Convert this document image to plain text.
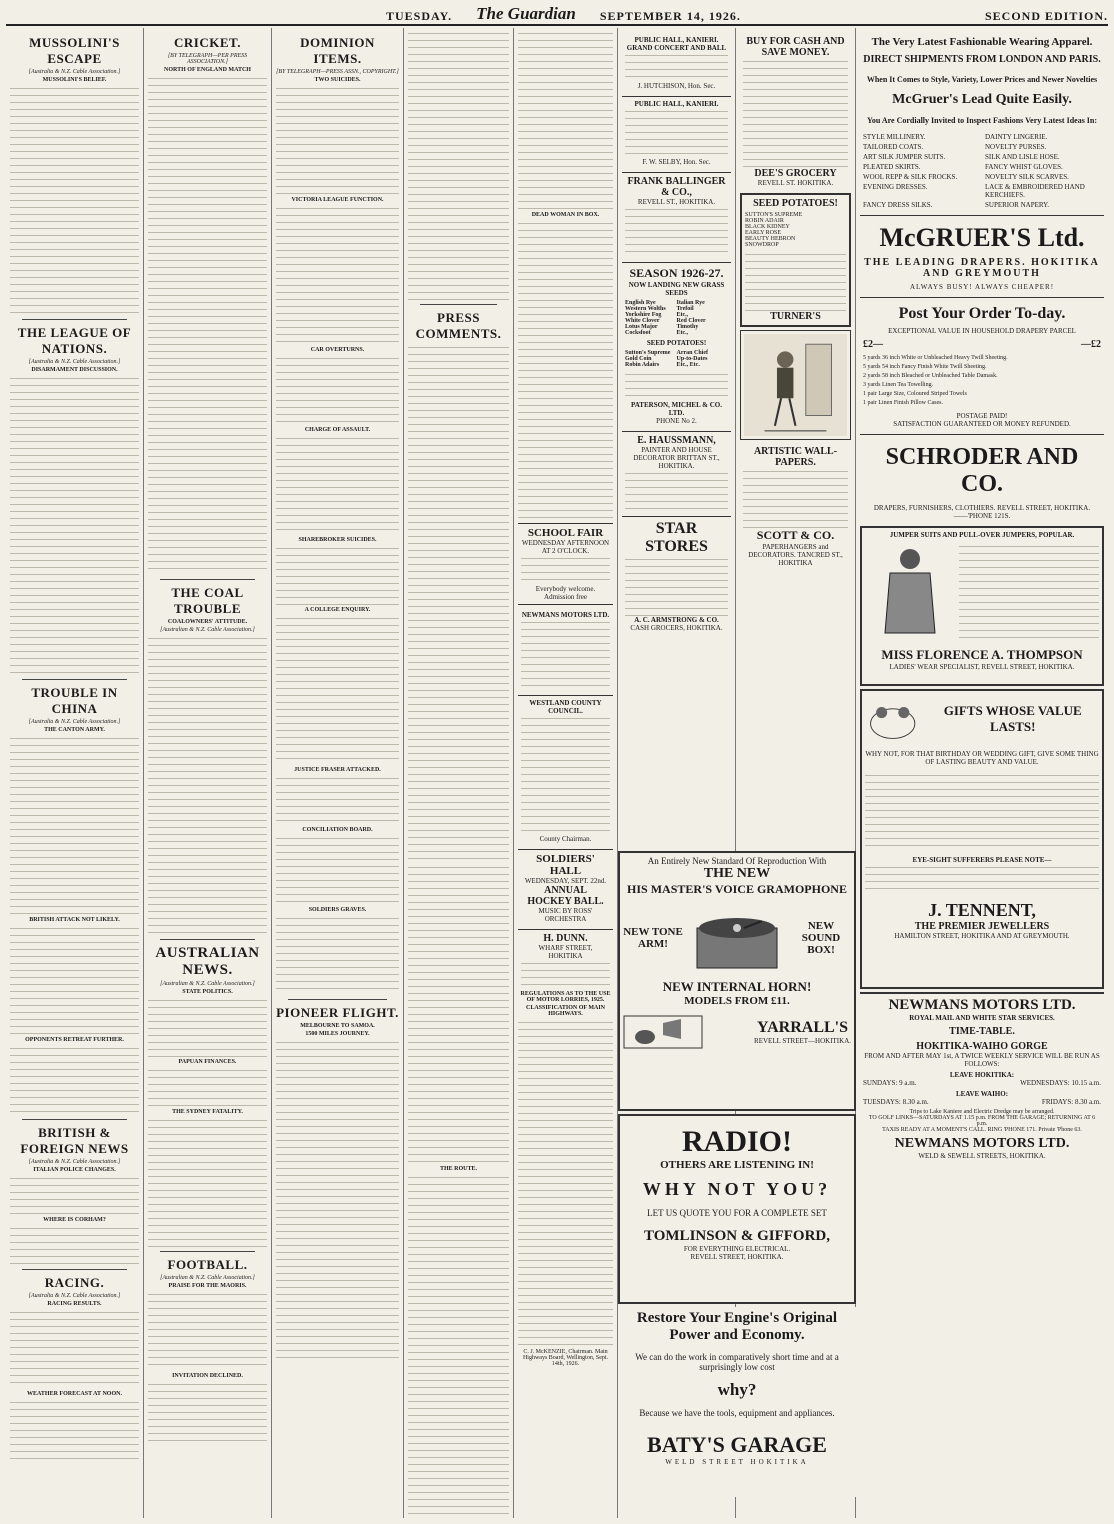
TUESDAY. The Guardian SEPTEMBER 14, 1926.	SECOND EDITION.
MUSSOLINI'S ESCAPE
[Australia & N.Z. Cable Association.]
MUSSOLINI'S BELIEF.
THE LEAGUE OF NATIONS.
[Australia & N.Z. Cable Association.]
DISARMAMENT DISCUSSION.
TROUBLE IN CHINA
[Australia & N.Z. Cable Association.]
THE CANTON ARMY.
BRITISH ATTACK NOT LIKELY.
OPPONENTS RETREAT FURTHER.
BRITISH & FOREIGN NEWS
[Australia & N.Z. Cable Association.]
ITALIAN POLICE CHANGES.
WHERE IS CORHAM?
RACING.
[Australia & N.Z. Cable Association.]
RACING RESULTS.
WEATHER FORECAST AT NOON.
CRICKET.
[BY TELEGRAPH—PER PRESS ASSOCIATION.]
NORTH OF ENGLAND MATCH
THE COAL TROUBLE
COALOWNERS' ATTITUDE.
[Australian & N.Z. Cable Association.]
AUSTRALIAN NEWS.
[Australian & N.Z. Cable Association.]
STATE POLITICS.
PAPUAN FINANCES.
THE SYDNEY FATALITY.
FOOTBALL.
[Australian & N.Z. Cable Association.]
PRAISE FOR THE MAORIS.
INVITATION DECLINED.
DOMINION ITEMS.
[BY TELEGRAPH—PRESS ASSN., COPYRIGHT.]
TWO SUICIDES.
VICTORIA LEAGUE FUNCTION.
CAR OVERTURNS.
CHARGE OF ASSAULT.
SHAREBROKER SUICIDES.
A COLLEGE ENQUIRY.
JUSTICE FRASER ATTACKED.
CONCILIATION BOARD.
SOLDIERS GRAVES.
PIONEER FLIGHT.
MELBOURNE TO SAMOA.
1500 MILES JOURNEY.
PRESS COMMENTS.
THE ROUTE.
DEAD WOMAN IN BOX.
SCHOOL FAIR
WEDNESDAY AFTERNOON AT 2 O'CLOCK.
Everybody welcome. Admission free
NEWMANS MOTORS LTD.
WESTLAND COUNTY COUNCIL.
County Chairman.
SOLDIERS' HALL
WEDNESDAY, SEPT. 22nd.
ANNUAL HOCKEY BALL.
MUSIC BY ROSS' ORCHESTRA
H. DUNN.
WHARF STREET, HOKITIKA
REGULATIONS AS TO THE USE OF MOTOR LORRIES, 1925.
CLASSIFICATION OF MAIN HIGHWAYS.
C. J. McKENZIE, Chairman. Main Highways Board, Wellington, Sept. 14th, 1926.
PUBLIC HALL, KANIERI.
GRAND CONCERT AND BALL
J. HUTCHISON, Hon. Sec.
PUBLIC HALL, KANIERI.
F. W. SELBY, Hon. Sec.
FRANK BALLINGER & CO.,
REVELL ST., HOKITIKA.
SEASON 1926-27.
NOW LANDING NEW GRASS SEEDS
English Rye	Italian Rye
Western Wolths	Trefoil
Yorkshire Fog	Etc.,
White Clover	Red Clover
Lotus Major	Timothy
Cocksfoot	Etc.,
SEED POTATOES!
Sutton's Supreme	Arran Chief
Gold Coin	Up-to-Dates
Robin Adairs	Etc., Etc.
PATERSON, MICHEL & CO. LTD.
PHONE No 2.
E. HAUSSMANN,
PAINTER AND HOUSE DECORATOR BRITTAN ST., HOKITIKA.
STAR STORES
A. C. ARMSTRONG & CO.
CASH GROCERS, HOKITIKA.
BUY FOR CASH AND SAVE MONEY.
DEE'S GROCERY
REVELL ST. HOKITIKA.
SEED POTATOES!
SUTTON'S SUPREME
ROBIN ADAIR
BLACK KIDNEY
EARLY ROSE
BEAUTY HEBRON
SNOWDROP
TURNER'S
ARTISTIC WALL-PAPERS.
SCOTT & CO.
PAPERHANGERS and DECORATORS. TANCRED ST., HOKITIKA
An Entirely New Standard Of Reproduction With
THE NEW
HIS MASTER'S VOICE GRAMOPHONE
NEW TONE ARM!
NEW SOUND BOX!
NEW INTERNAL HORN!
MODELS FROM £11.
YARRALL'S
REVELL STREET—HOKITIKA.
RADIO!
OTHERS ARE LISTENING IN!
WHY NOT YOU?
LET US QUOTE YOU FOR A COMPLETE SET
TOMLINSON & GIFFORD,
FOR EVERYTHING ELECTRICAL.
REVELL STREET, HOKITIKA.
Restore Your Engine's Original Power and Economy.
We can do the work in comparatively short time and at a surprisingly low cost
why?
Because we have the tools, equipment and appliances.
BATY'S GARAGE
WELD STREET HOKITIKA
The Very Latest Fashionable Wearing Apparel.
DIRECT SHIPMENTS FROM LONDON AND PARIS.
When It Comes to Style, Variety, Lower Prices and Newer Novelties
McGruer's Lead Quite Easily.
You Are Cordially Invited to Inspect Fashions Very Latest Ideas In:
STYLE MILLINERY.	DAINTY LINGERIE.
TAILORED COATS.	NOVELTY PURSES.
ART SILK JUMPER SUITS.	SILK AND LISLE HOSE.
PLEATED SKIRTS.	FANCY WHIST GLOVES.
WOOL REPP & SILK FROCKS.	NOVELTY SILK SCARVES.
EVENING DRESSES.	LACE & EMBROIDERED HAND KERCHIEFS.
FANCY DRESS SILKS.	SUPERIOR NAPERY.
McGRUER'S Ltd.
THE LEADING DRAPERS. HOKITIKA AND GREYMOUTH
ALWAYS BUSY! ALWAYS CHEAPER!
Post Your Order To-day.
EXCEPTIONAL VALUE IN HOUSEHOLD DRAPERY PARCEL
£2—	—£2
5 yards 36 inch White or Unbleached Heavy Twill Sheeting.
5 yards 54 inch Fancy Finish White Twill Sheeting.
2 yards 58 inch Bleached or Unbleached Table Damask.
3 yards Linen Tea Towelling.
1 pair Large Size, Coloured Striped Towels
1 pair Linen Finish Pillow Cases.
POSTAGE PAID!
SATISFACTION GUARANTEED OR MONEY REFUNDED.
SCHRODER AND CO.
DRAPERS, FURNISHERS, CLOTHIERS. REVELL STREET, HOKITIKA.——'PHONE 121S.
JUMPER SUITS AND PULL-OVER JUMPERS, POPULAR.
MISS FLORENCE A. THOMPSON
LADIES' WEAR SPECIALIST, REVELL STREET, HOKITIKA.
GIFTS WHOSE VALUE LASTS!
WHY NOT, FOR THAT BIRTHDAY OR WEDDING GIFT, GIVE SOME THING OF LASTING BEAUTY AND VALUE.
EYE-SIGHT SUFFERERS PLEASE NOTE—
J. TENNENT,
THE PREMIER JEWELLERS
HAMILTON STREET, HOKITIKA AND AT GREYMOUTH.
NEWMANS MOTORS LTD.
ROYAL MAIL AND WHITE STAR SERVICES.
TIME-TABLE.
HOKITIKA-WAIHO GORGE
FROM AND AFTER MAY 1st, A TWICE WEEKLY SERVICE WILL BE RUN AS FOLLOWS:
LEAVE HOKITIKA:
SUNDAYS: 9 a.m.	WEDNESDAYS: 10.15 a.m.
LEAVE WAIHO:
TUESDAYS: 8.30 a.m.	FRIDAYS: 8.30 a.m.
Trips to Lake Kaniere and Electric Dredge may be arranged.
TO GOLF LINKS—SATURDAYS AT 1.15 p.m. FROM THE GARAGE; RETURNING AT 6 p.m.
TAXIS READY AT A MOMENT'S CALL. RING 'PHONE 171. Private 'Phone 63.
NEWMANS MOTORS LTD.
WELD & SEWELL STREETS, HOKITIKA.
